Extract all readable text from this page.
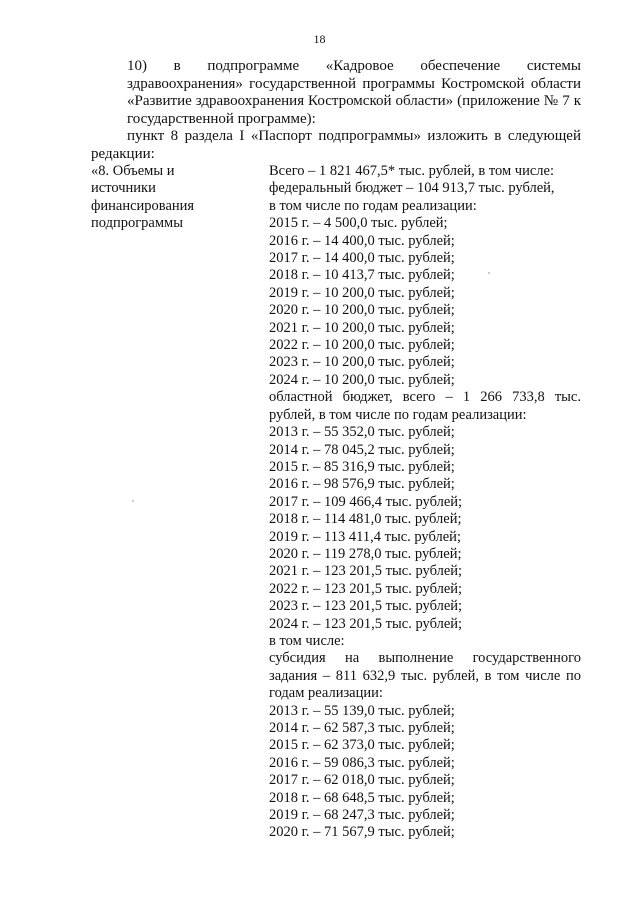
18
10) в подпрограмме «Кадровое обеспечение системы
здравоохранения» государственной программы Костромской области
«Развитие здравоохранения Костромской области» (приложение № 7 к
государственной программе):
пункт 8 раздела I «Паспорт подпрограммы» изложить в следующей
редакции:
«8. Объемы и
источники
финансирования
подпрограммы
Всего – 1 821 467,5* тыс. рублей, в том числе:
федеральный бюджет – 104 913,7 тыс. рублей,
в том числе по годам реализации:
2015 г. – 4 500,0 тыс. рублей;
2016 г. – 14 400,0 тыс. рублей;
2017 г. – 14 400,0 тыс. рублей;
2018 г. – 10 413,7 тыс. рублей;
2019 г. – 10 200,0 тыс. рублей;
2020 г. – 10 200,0 тыс. рублей;
2021 г. – 10 200,0 тыс. рублей;
2022 г. – 10 200,0 тыс. рублей;
2023 г. – 10 200,0 тыс. рублей;
2024 г. – 10 200,0 тыс. рублей;
областной бюджет, всего – 1 266 733,8 тыс.
рублей, в том числе по годам реализации:
2013 г. – 55 352,0 тыс. рублей;
2014 г. – 78 045,2 тыс. рублей;
2015 г. – 85 316,9 тыс. рублей;
2016 г. – 98 576,9 тыс. рублей;
2017 г. – 109 466,4 тыс. рублей;
2018 г. – 114 481,0 тыс. рублей;
2019 г. – 113 411,4 тыс. рублей;
2020 г. – 119 278,0 тыс. рублей;
2021 г. – 123 201,5 тыс. рублей;
2022 г. – 123 201,5 тыс. рублей;
2023 г. – 123 201,5 тыс. рублей;
2024 г. – 123 201,5 тыс. рублей;
в том числе:
субсидия на выполнение государственного
задания – 811 632,9 тыс. рублей, в том числе по
годам реализации:
2013 г. – 55 139,0 тыс. рублей;
2014 г. – 62 587,3 тыс. рублей;
2015 г. – 62 373,0 тыс. рублей;
2016 г. – 59 086,3 тыс. рублей;
2017 г. – 62 018,0 тыс. рублей;
2018 г. – 68 648,5 тыс. рублей;
2019 г. – 68 247,3 тыс. рублей;
2020 г. – 71 567,9 тыс. рублей;
